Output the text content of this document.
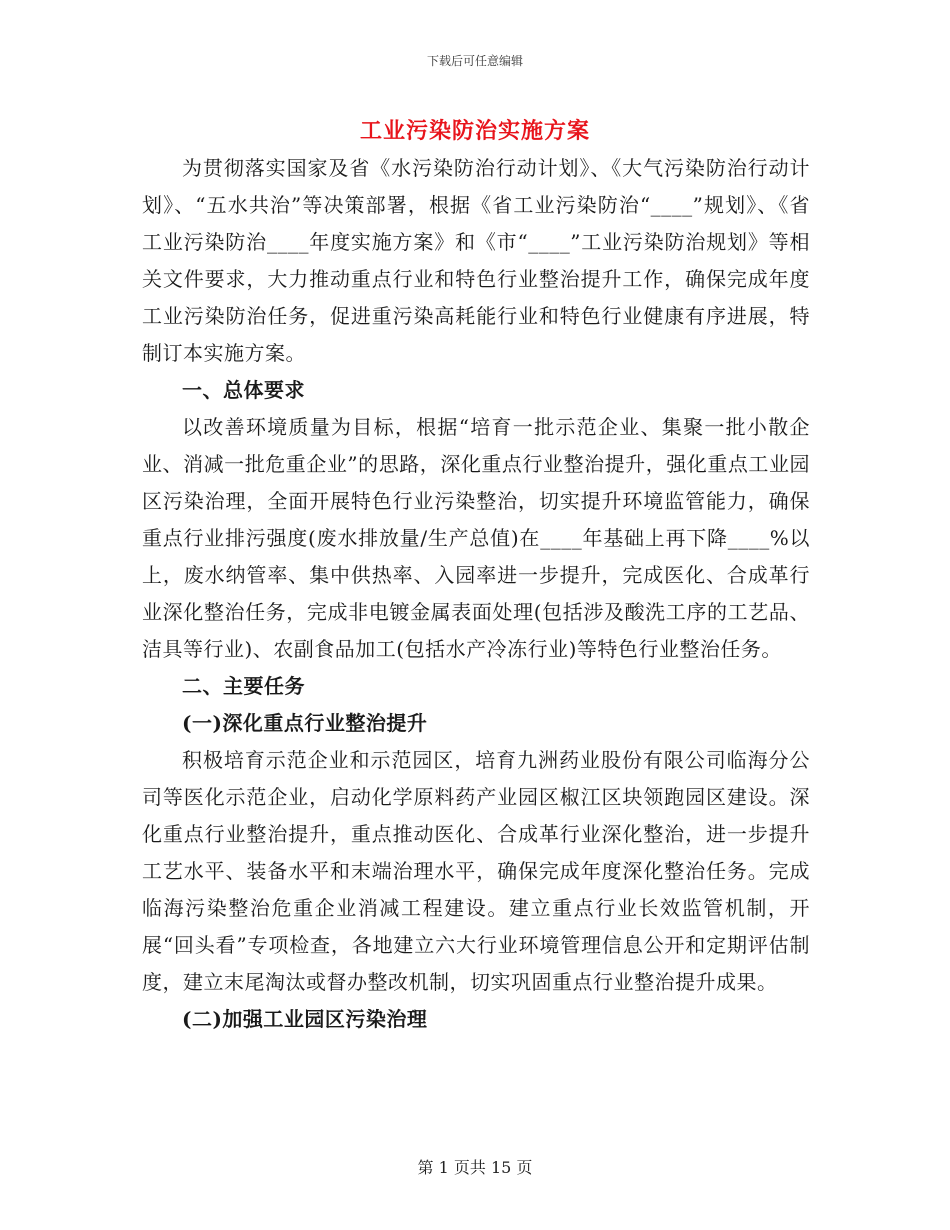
下载后可任意编辑
工业污染防治实施方案

为贯彻落实国家及省《水污染防治行动计划》、《大气污染防治行动计划》、“五水共治”等决策部署，根据《省工业污染防治“____”规划》、《省工业污染防治____年度实施方案》和《市“____”工业污染防治规划》等相关文件要求，大力推动重点行业和特色行业整治提升工作，确保完成年度工业污染防治任务，促进重污染高耗能行业和特色行业健康有序进展，特制订本实施方案。

一、总体要求

以改善环境质量为目标，根据“培育一批示范企业、集聚一批小散企业、消减一批危重企业”的思路，深化重点行业整治提升，强化重点工业园区污染治理，全面开展特色行业污染整治，切实提升环境监管能力，确保重点行业排污强度(废水排放量/生产总值)在____年基础上再下降____%以上，废水纳管率、集中供热率、入园率进一步提升，完成医化、合成革行业深化整治任务，完成非电镀金属表面处理(包括涉及酸洗工序的工艺品、洁具等行业)、农副食品加工(包括水产冷冻行业)等特色行业整治任务。

二、主要任务

(一)深化重点行业整治提升

积极培育示范企业和示范园区，培育九洲药业股份有限公司临海分公司等医化示范企业，启动化学原料药产业园区椒江区块领跑园区建设。深化重点行业整治提升，重点推动医化、合成革行业深化整治，进一步提升工艺水平、装备水平和末端治理水平，确保完成年度深化整治任务。完成临海污染整治危重企业消减工程建设。建立重点行业长效监管机制，开展“回头看”专项检查，各地建立六大行业环境管理信息公开和定期评估制度，建立末尾淘汰或督办整改机制，切实巩固重点行业整治提升成果。

(二)加强工业园区污染治理

第 1 页共 15 页
